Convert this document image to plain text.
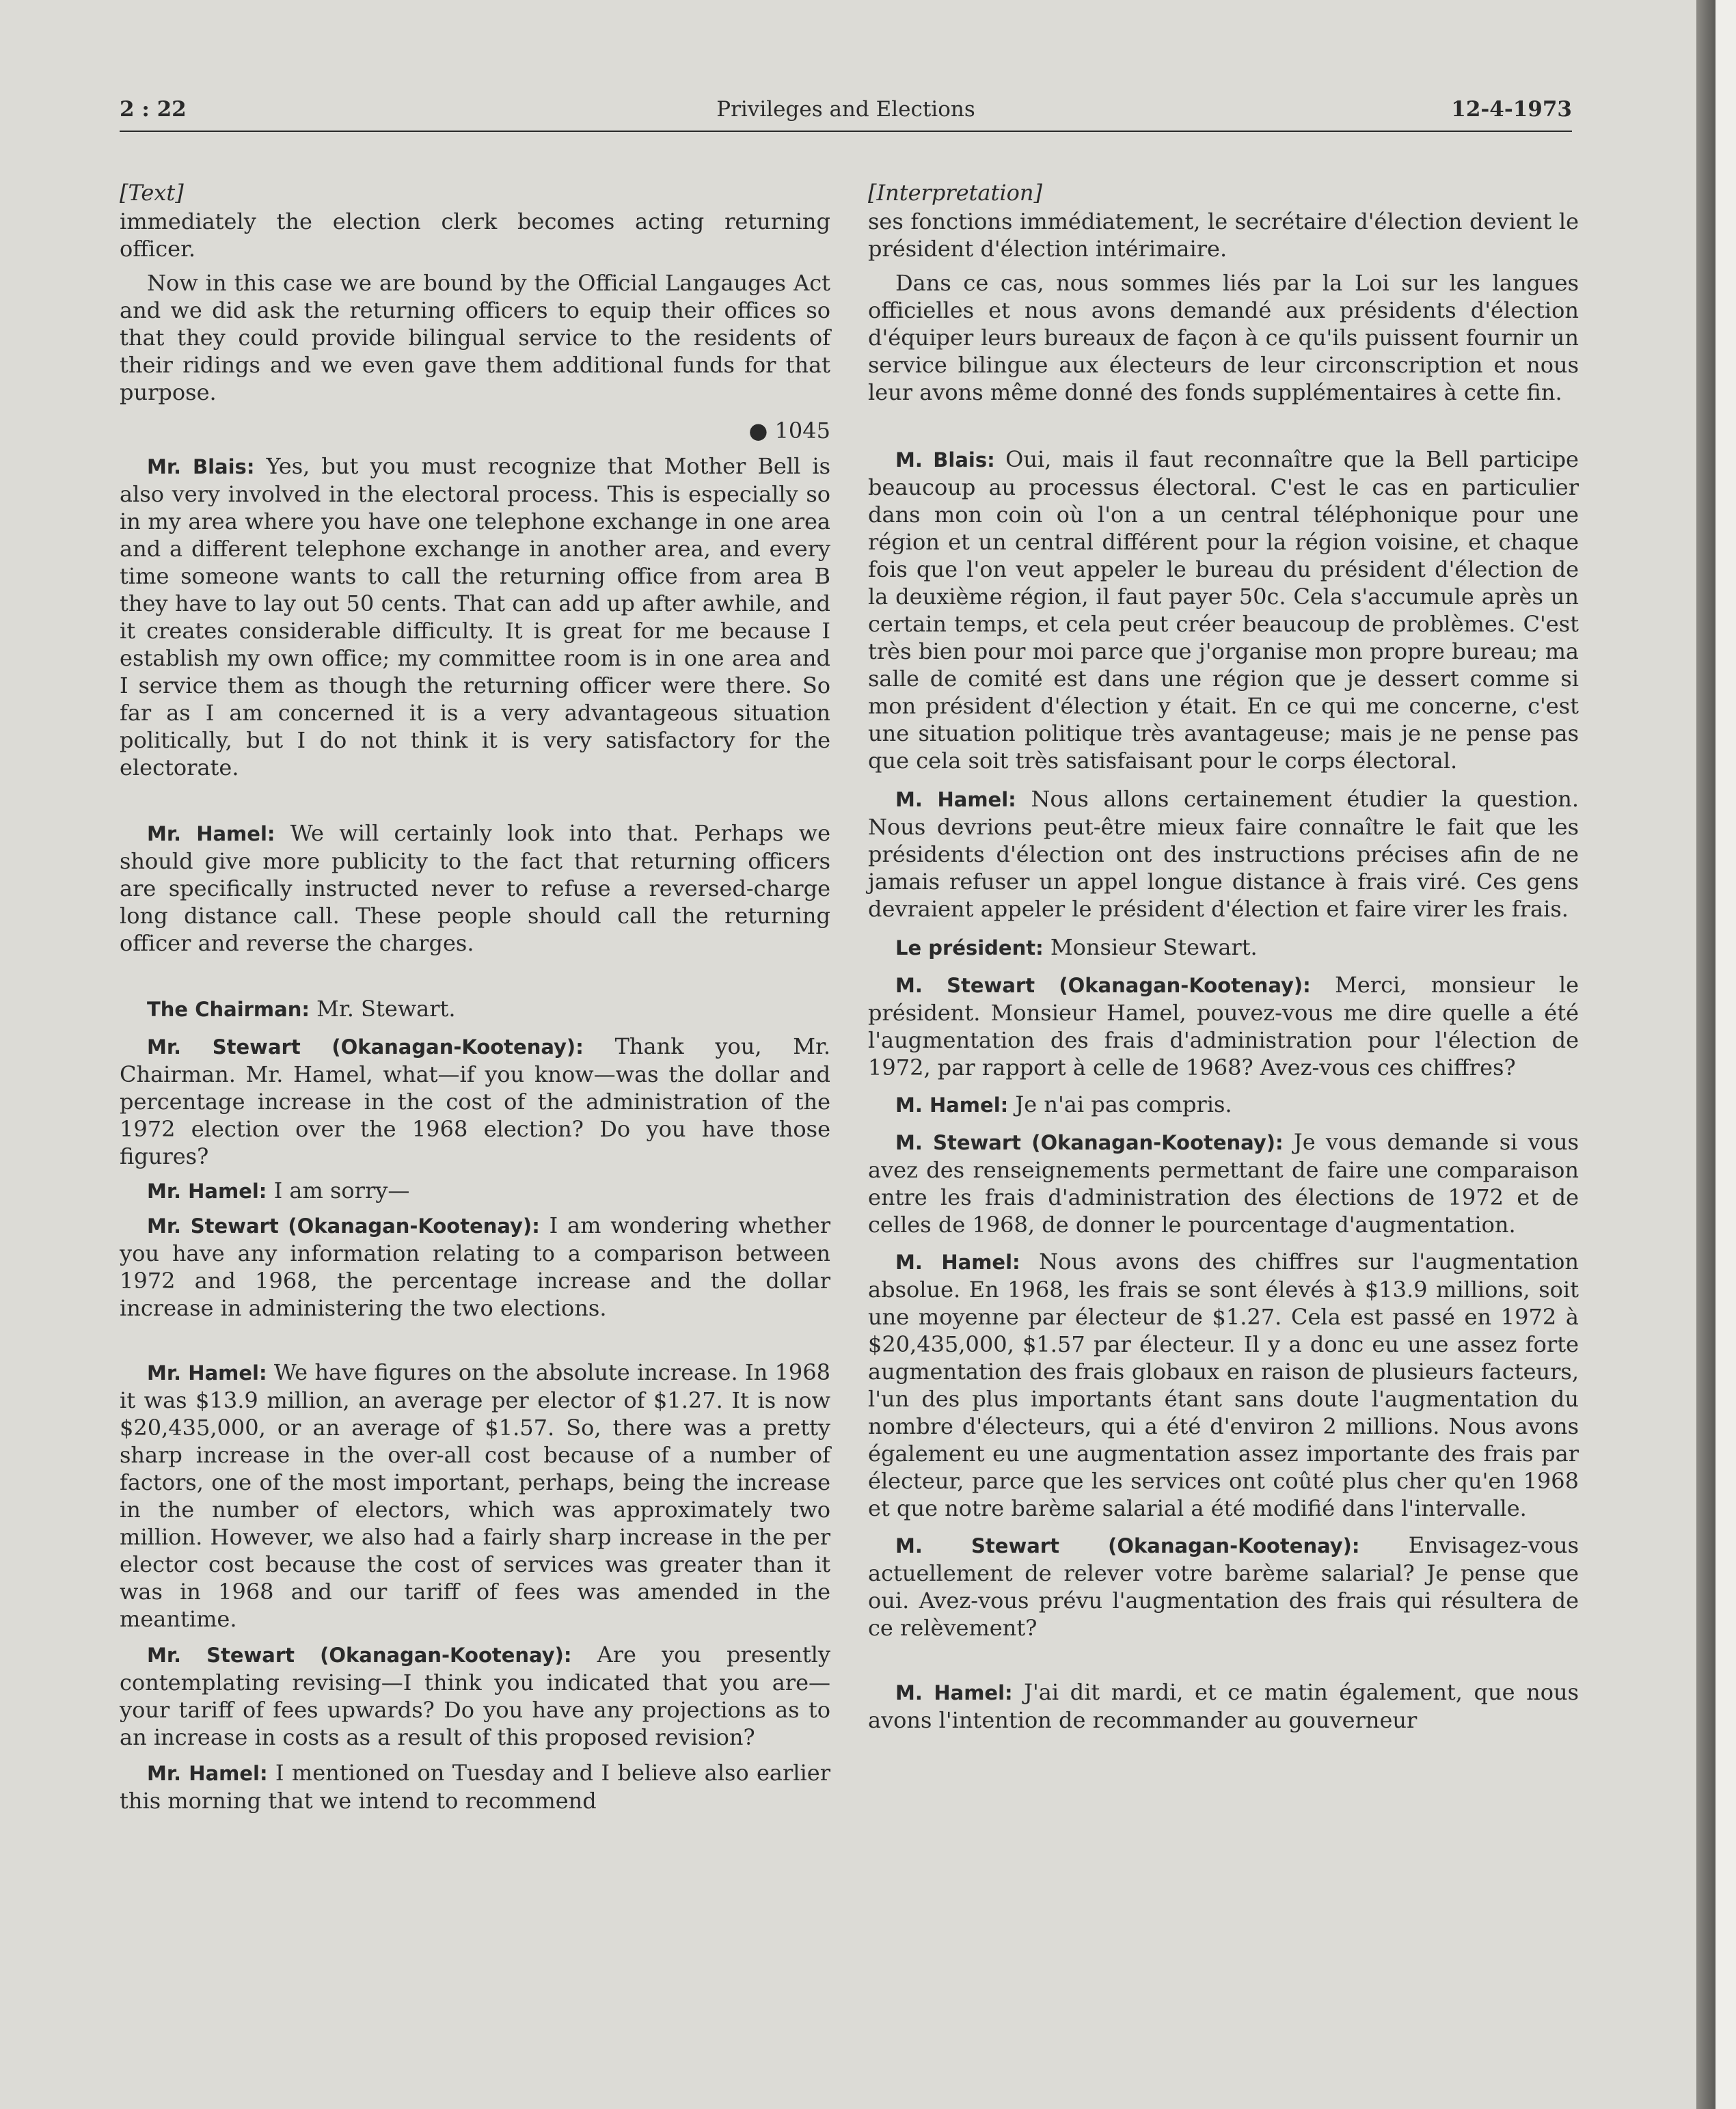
Privileges and Elections
2 : 22	12-4-1973

[Text]

immediately the election clerk becomes acting returning officer.

Now in this case we are bound by the Official Langauges Act and we did ask the returning officers to equip their offices so that they could provide bilingual service to the residents of their ridings and we even gave them additional funds for that purpose.

● 1045

Mr. Blais: Yes, but you must recognize that Mother Bell is also very involved in the electoral process. This is especially so in my area where you have one telephone exchange in one area and a different telephone exchange in another area, and every time someone wants to call the returning office from area B they have to lay out 50 cents. That can add up after awhile, and it creates considerable difficulty. It is great for me because I establish my own office; my committee room is in one area and I service them as though the returning officer were there. So far as I am concerned it is a very advantageous situation politically, but I do not think it is very satisfactory for the electorate.

Mr. Hamel: We will certainly look into that. Perhaps we should give more publicity to the fact that returning officers are specifically instructed never to refuse a reversed-charge long distance call. These people should call the returning officer and reverse the charges.

The Chairman: Mr. Stewart.

Mr. Stewart (Okanagan-Kootenay): Thank you, Mr. Chairman. Mr. Hamel, what—if you know—was the dollar and percentage increase in the cost of the administration of the 1972 election over the 1968 election? Do you have those figures?

Mr. Hamel: I am sorry—

Mr. Stewart (Okanagan-Kootenay): I am wondering whether you have any information relating to a comparison between 1972 and 1968, the percentage increase and the dollar increase in administering the two elections.

Mr. Hamel: We have figures on the absolute increase. In 1968 it was $13.9 million, an average per elector of $1.27. It is now $20,435,000, or an average of $1.57. So, there was a pretty sharp increase in the over-all cost because of a number of factors, one of the most important, perhaps, being the increase in the number of electors, which was approximately two million. However, we also had a fairly sharp increase in the per elector cost because the cost of services was greater than it was in 1968 and our tariff of fees was amended in the meantime.

Mr. Stewart (Okanagan-Kootenay): Are you presently contemplating revising—I think you indicated that you are—your tariff of fees upwards? Do you have any projections as to an increase in costs as a result of this proposed revision?

Mr. Hamel: I mentioned on Tuesday and I believe also earlier this morning that we intend to recommend

[Interpretation]

ses fonctions immédiatement, le secrétaire d'élection devient le président d'élection intérimaire.

Dans ce cas, nous sommes liés par la Loi sur les langues officielles et nous avons demandé aux présidents d'élection d'équiper leurs bureaux de façon à ce qu'ils puissent fournir un service bilingue aux électeurs de leur circonscription et nous leur avons même donné des fonds supplémentaires à cette fin.

M. Blais: Oui, mais il faut reconnaître que la Bell participe beaucoup au processus électoral. C'est le cas en particulier dans mon coin où l'on a un central téléphonique pour une région et un central différent pour la région voisine, et chaque fois que l'on veut appeler le bureau du président d'élection de la deuxième région, il faut payer 50c. Cela s'accumule après un certain temps, et cela peut créer beaucoup de problèmes. C'est très bien pour moi parce que j'organise mon propre bureau; ma salle de comité est dans une région que je dessert comme si mon président d'élection y était. En ce qui me concerne, c'est une situation politique très avantageuse; mais je ne pense pas que cela soit très satisfaisant pour le corps électoral.

M. Hamel: Nous allons certainement étudier la question. Nous devrions peut-être mieux faire connaître le fait que les présidents d'élection ont des instructions précises afin de ne jamais refuser un appel longue distance à frais viré. Ces gens devraient appeler le président d'élection et faire virer les frais.

Le président: Monsieur Stewart.

M. Stewart (Okanagan-Kootenay): Merci, monsieur le président. Monsieur Hamel, pouvez-vous me dire quelle a été l'augmentation des frais d'administration pour l'élection de 1972, par rapport à celle de 1968? Avez-vous ces chiffres?

M. Hamel: Je n'ai pas compris.

M. Stewart (Okanagan-Kootenay): Je vous demande si vous avez des renseignements permettant de faire une comparaison entre les frais d'administration des élections de 1972 et de celles de 1968, de donner le pourcentage d'augmentation.

M. Hamel: Nous avons des chiffres sur l'augmentation absolue. En 1968, les frais se sont élevés à $13.9 millions, soit une moyenne par électeur de $1.27. Cela est passé en 1972 à $20,435,000, $1.57 par électeur. Il y a donc eu une assez forte augmentation des frais globaux en raison de plusieurs facteurs, l'un des plus importants étant sans doute l'augmentation du nombre d'électeurs, qui a été d'environ 2 millions. Nous avons également eu une augmentation assez importante des frais par électeur, parce que les services ont coûté plus cher qu'en 1968 et que notre barème salarial a été modifié dans l'intervalle.

M. Stewart (Okanagan-Kootenay): Envisagez-vous actuellement de relever votre barème salarial? Je pense que oui. Avez-vous prévu l'augmentation des frais qui résultera de ce relèvement?

M. Hamel: J'ai dit mardi, et ce matin également, que nous avons l'intention de recommander au gouverneur
